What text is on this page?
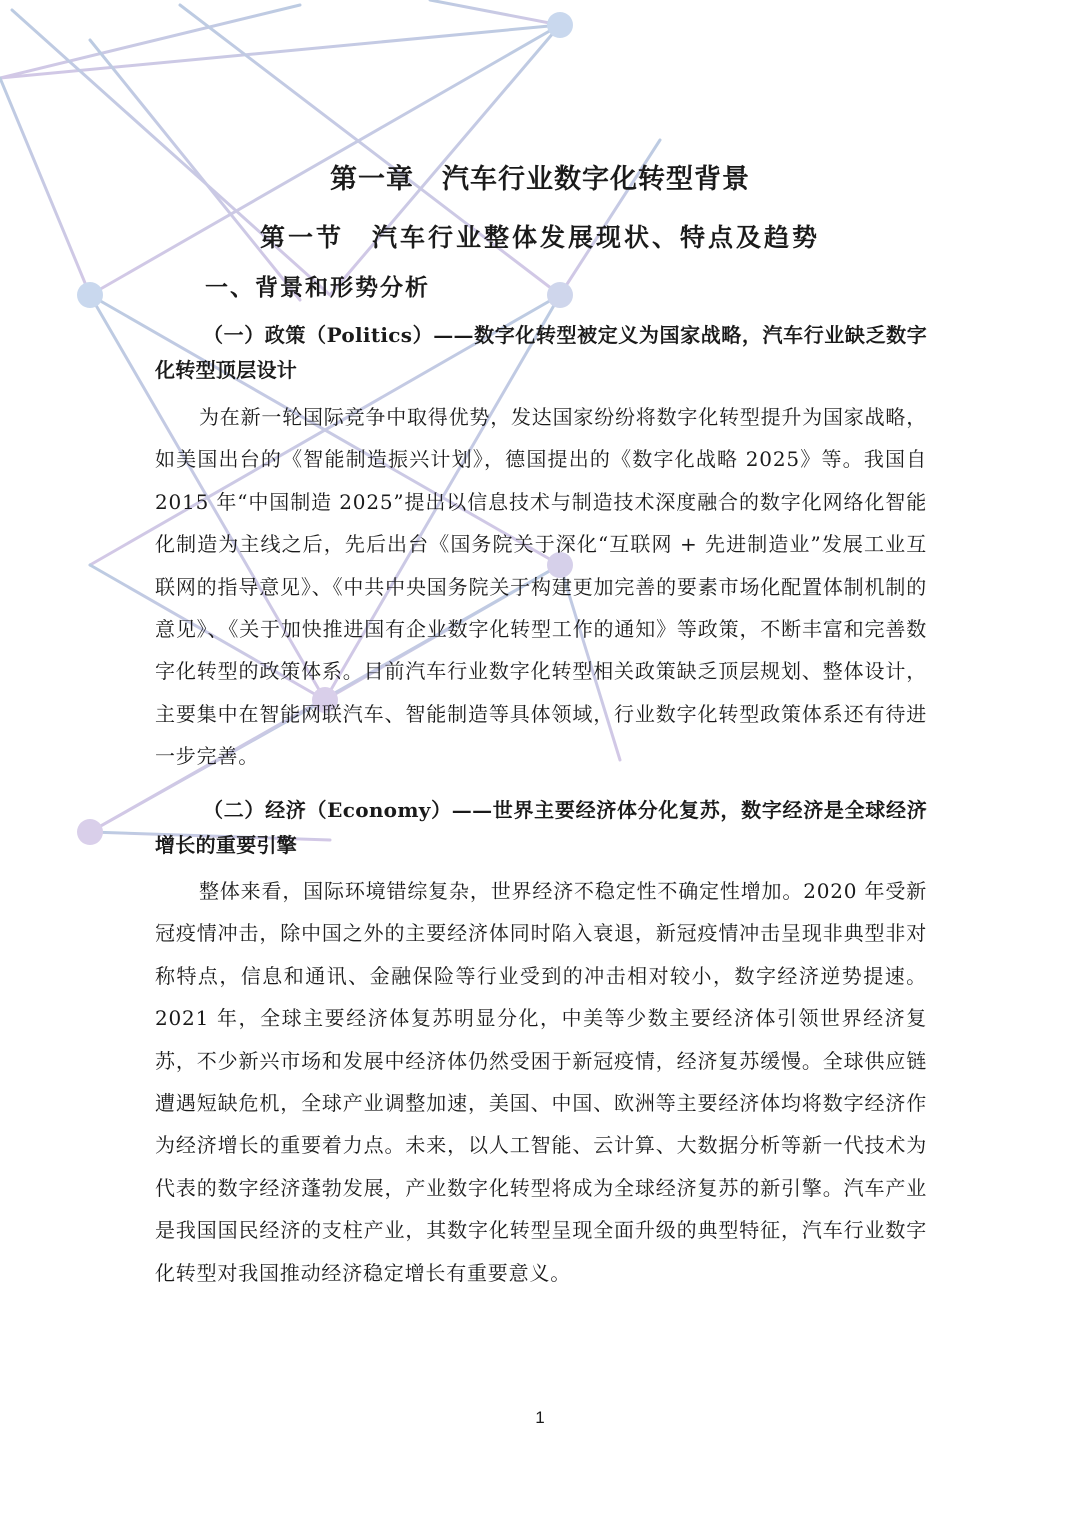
第一章 汽车行业数字化转型背景
第一节 汽车行业整体发展现状、特点及趋势
一、背景和形势分析

（一）政策（Politics）——数字化转型被定义为国家战略，汽车行业缺乏数字化转型顶层设计

为在新一轮国际竞争中取得优势，发达国家纷纷将数字化转型提升为国家战略，如美国出台的《智能制造振兴计划》，德国提出的《数字化战略 2025》等。我国自 2015 年“中国制造 2025”提出以信息技术与制造技术深度融合的数字化网络化智能化制造为主线之后，先后出台《国务院关于深化“互联网 + 先进制造业”发展工业互联网的指导意见》、《中共中央国务院关于构建更加完善的要素市场化配置体制机制的意见》、《关于加快推进国有企业数字化转型工作的通知》等政策，不断丰富和完善数字化转型的政策体系。目前汽车行业数字化转型相关政策缺乏顶层规划、整体设计，主要集中在智能网联汽车、智能制造等具体领域，行业数字化转型政策体系还有待进一步完善。

（二）经济（Economy）——世界主要经济体分化复苏，数字经济是全球经济增长的重要引擎

整体来看，国际环境错综复杂，世界经济不稳定性不确定性增加。2020 年受新冠疫情冲击，除中国之外的主要经济体同时陷入衰退，新冠疫情冲击呈现非典型非对称特点，信息和通讯、金融保险等行业受到的冲击相对较小，数字经济逆势提速。2021 年，全球主要经济体复苏明显分化，中美等少数主要经济体引领世界经济复苏，不少新兴市场和发展中经济体仍然受困于新冠疫情，经济复苏缓慢。全球供应链遭遇短缺危机，全球产业调整加速，美国、中国、欧洲等主要经济体均将数字经济作为经济增长的重要着力点。未来，以人工智能、云计算、大数据分析等新一代技术为代表的数字经济蓬勃发展，产业数字化转型将成为全球经济复苏的新引擎。汽车产业是我国国民经济的支柱产业，其数字化转型呈现全面升级的典型特征，汽车行业数字化转型对我国推动经济稳定增长有重要意义。

1
